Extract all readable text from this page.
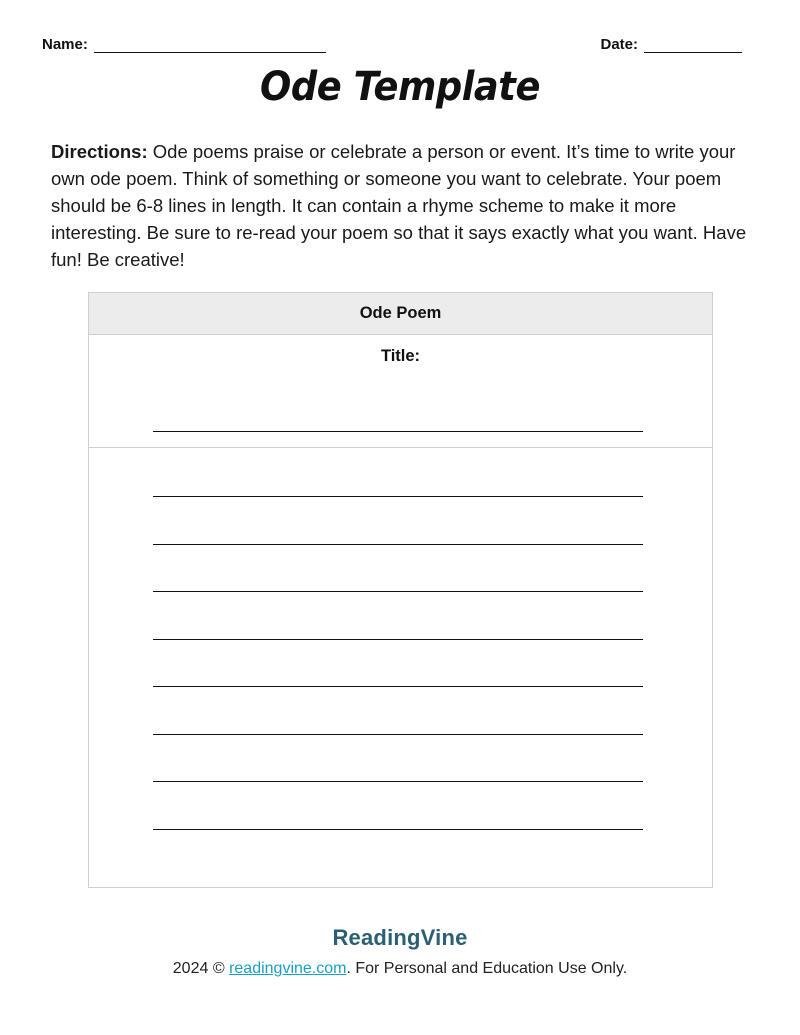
Name:	Date:
Ode Template

Directions: Ode poems praise or celebrate a person or event. It’s time to write your own ode poem. Think of something or someone you want to celebrate. Your poem should be 6-8 lines in length. It can contain a rhyme scheme to make it more interesting. Be sure to re-read your poem so that it says exactly what you want. Have fun! Be creative!

Ode Poem
Title:
ReadingVine
2024 © readingvine.com. For Personal and Education Use Only.
